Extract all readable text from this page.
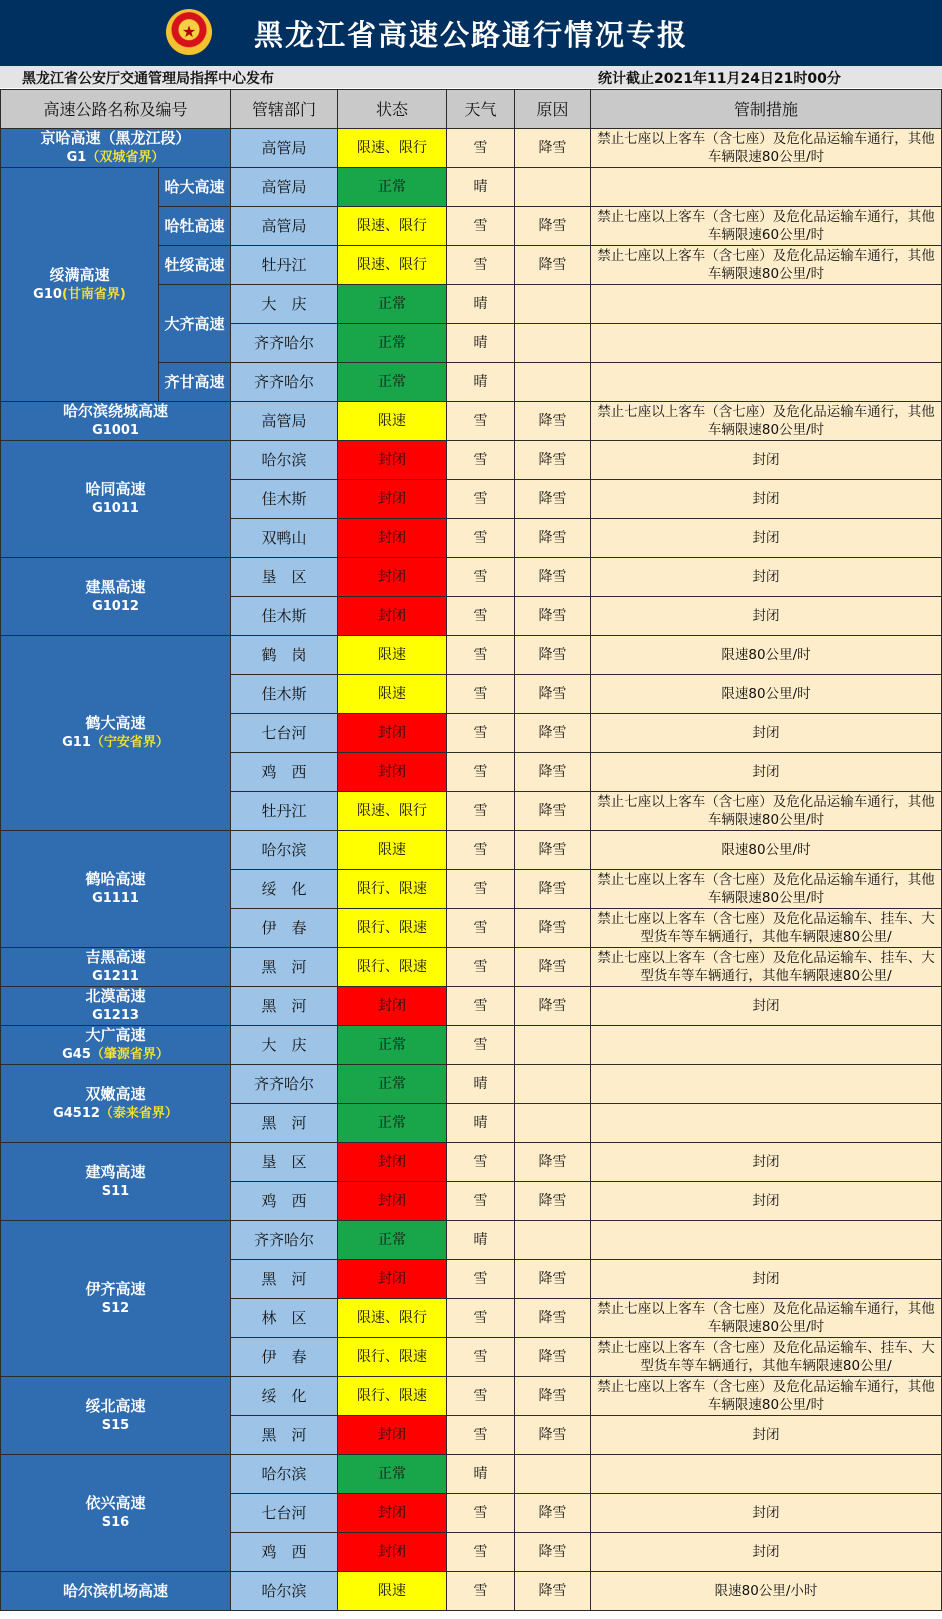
★	黑龙江省高速公路通行情况专报
黑龙江省公安厅交通管理局指挥中心发布	统计截止2021年11月24日21时00分
高速公路名称及编号		管辖部门	状态	天气	原因	管制措施
京哈高速（黑龙江段）
G1（双城省界）		高管局	限速、限行	雪	降雪	禁止七座以上客车（含七座）及危化品运输车通行，其他车辆限速80公里/时
绥满高速
G10(甘南省界)	哈大高速	高管局	正常	晴		
	哈牡高速	高管局	限速、限行	雪	降雪	禁止七座以上客车（含七座）及危化品运输车通行，其他车辆限速60公里/时
	牡绥高速	牡丹江	限速、限行	雪	降雪	禁止七座以上客车（含七座）及危化品运输车通行，其他车辆限速80公里/时
	大齐高速	大　庆	正常	晴		
		齐齐哈尔	正常	晴		
	齐甘高速	齐齐哈尔	正常	晴		
哈尔滨绕城高速
G1001		高管局	限速	雪	降雪	禁止七座以上客车（含七座）及危化品运输车通行，其他车辆限速80公里/时
哈同高速
G1011		哈尔滨	封闭	雪	降雪	封闭
		佳木斯	封闭	雪	降雪	封闭
		双鸭山	封闭	雪	降雪	封闭
建黑高速
G1012		垦　区	封闭	雪	降雪	封闭
		佳木斯	封闭	雪	降雪	封闭
鹤大高速
G11（宁安省界）		鹤　岗	限速	雪	降雪	限速80公里/时
		佳木斯	限速	雪	降雪	限速80公里/时
		七台河	封闭	雪	降雪	封闭
		鸡　西	封闭	雪	降雪	封闭
		牡丹江	限速、限行	雪	降雪	禁止七座以上客车（含七座）及危化品运输车通行，其他车辆限速80公里/时
鹤哈高速
G1111		哈尔滨	限速	雪	降雪	限速80公里/时
		绥　化	限行、限速	雪	降雪	禁止七座以上客车（含七座）及危化品运输车通行，其他车辆限速80公里/时
		伊　春	限行、限速	雪	降雪	禁止七座以上客车（含七座）及危化品运输车、挂车、大型货车等车辆通行，其他车辆限速80公里/
吉黑高速
G1211		黑　河	限行、限速	雪	降雪	禁止七座以上客车（含七座）及危化品运输车、挂车、大型货车等车辆通行，其他车辆限速80公里/
北漠高速
G1213		黑　河	封闭	雪	降雪	封闭
大广高速
G45（肇源省界）		大　庆	正常	雪		
双嫩高速
G4512（泰来省界）		齐齐哈尔	正常	晴		
		黑　河	正常	晴		
建鸡高速
S11		垦　区	封闭	雪	降雪	封闭
		鸡　西	封闭	雪	降雪	封闭
伊齐高速
S12		齐齐哈尔	正常	晴		
		黑　河	封闭	雪	降雪	封闭
		林　区	限速、限行	雪	降雪	禁止七座以上客车（含七座）及危化品运输车通行，其他车辆限速80公里/时
		伊　春	限行、限速	雪	降雪	禁止七座以上客车（含七座）及危化品运输车、挂车、大型货车等车辆通行，其他车辆限速80公里/
绥北高速
S15		绥　化	限行、限速	雪	降雪	禁止七座以上客车（含七座）及危化品运输车通行，其他车辆限速80公里/时
		黑　河	封闭	雪	降雪	封闭
依兴高速
S16		哈尔滨	正常	晴		
		七台河	封闭	雪	降雪	封闭
		鸡　西	封闭	雪	降雪	封闭
哈尔滨机场高速		哈尔滨	限速	雪	降雪	限速80公里/小时
